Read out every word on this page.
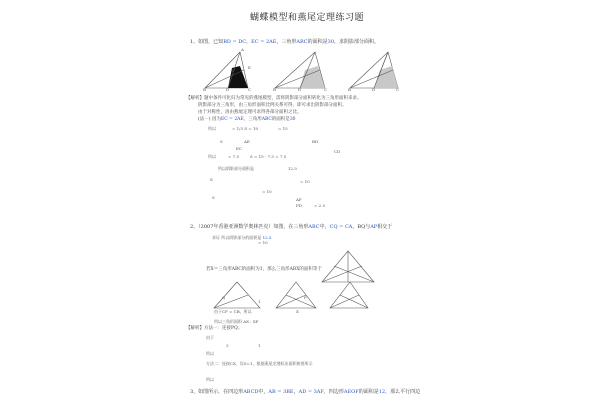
蝴蝶模型和燕尾定理练习题
1、如图，已知BD = DC，EC = 2AE，三角形ABC的面积是30，求阴影部分面积。
B	D	C
E
A
F
B	D	C	B	D	C
【解析】题中条件可化归为常见的燕尾模型，需将阴影部分面积转化为三角形面积来求。
阴影部分为三角形，由三角形面积比例关系可得，即可求出阴影部分面积。
由于对称性，再由燕尾定理可求得各部分面积之比。
(法一) 因为EC = 2AE，三角形ABC的面积是30
所以	= 1/3 S = 10	= 15
S	AE
EC
BD
CD
所以	= 7.5	S = 15 - 7.5 = 7.5
所以阴影部分面积是	12.5
S	= 10
= 10
AF
FD	= 2.5
S
2、（2007年香港亚洲数学奥林匹克）如图，在三角形ABC中，CQ = CA，BQ与AP相交于
求证 所以阴影部分的面积是 12.5
= 10
若X＝三角形ABC的面积为1，那么三角形ABX的面积等于
由于CP = CB，所以	X
Q	P
1
所以三角形面积 AX : XP
【解析】方法一：连接PQ。
由于
3	1
所以
方法二：连接CX，设S=1，根据燕尾定理标出面积如图所示
所以
3、如图所示，在四边形ABCD中，AB = 3BE，AD = 3AF，四边形AEOF的面积是12，那么平行四边
